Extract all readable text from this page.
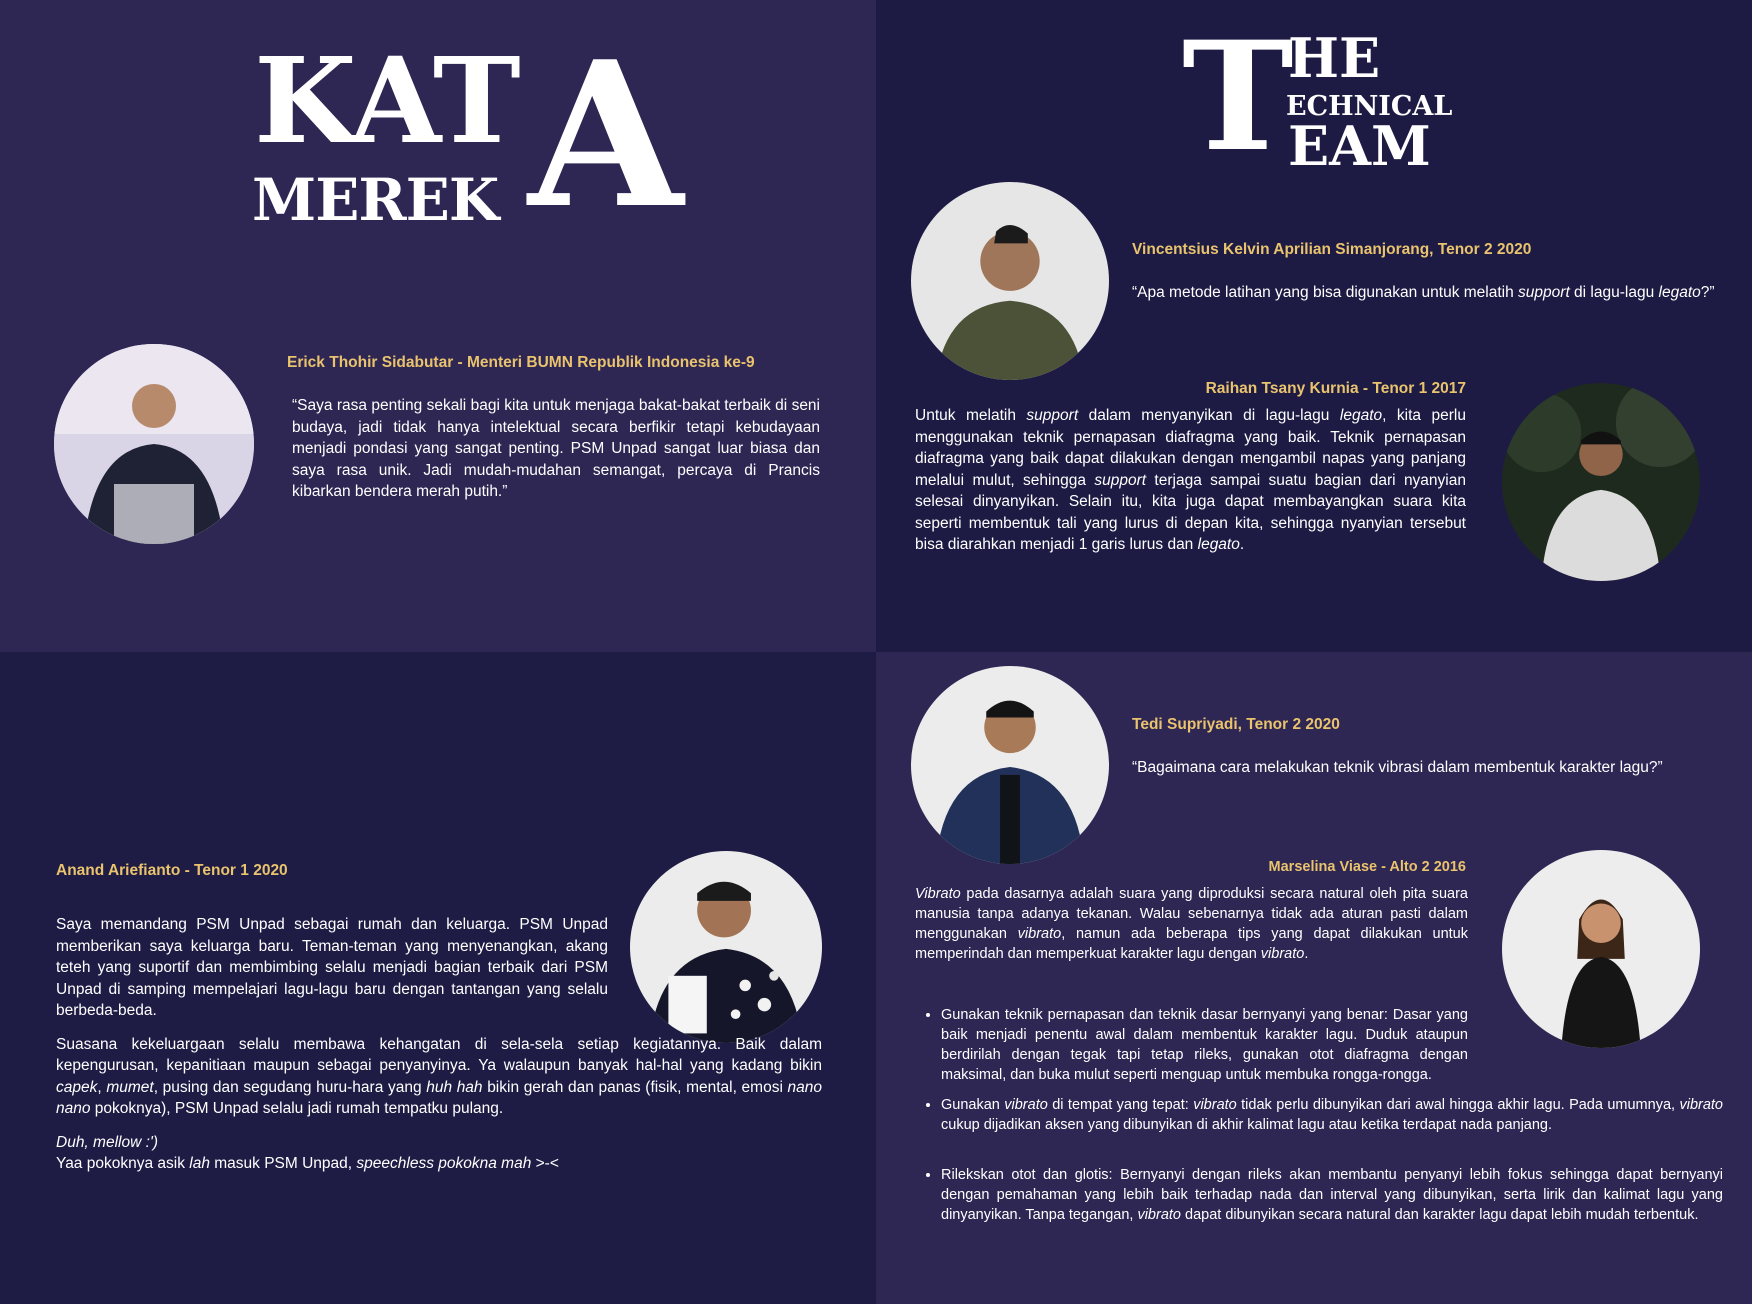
KAT
MEREK A
Erick Thohir Sidabutar - Menteri BUMN Republik Indonesia ke-9
“Saya rasa penting sekali bagi kita untuk menjaga bakat-bakat terbaik di seni budaya, jadi tidak hanya intelektual secara berfikir tetapi kebudayaan menjadi pondasi yang sangat penting. PSM Unpad sangat luar biasa dan saya rasa unik. Jadi mudah-mudahan semangat, percaya di Prancis kibarkan bendera merah putih.”
T
HE
ECHNICAL
EAM
Vincentsius Kelvin Aprilian Simanjorang, Tenor 2 2020
“Apa metode latihan yang bisa digunakan untuk melatih support di lagu-lagu legato?”
Raihan Tsany Kurnia - Tenor 1 2017
Untuk melatih support dalam menyanyikan di lagu-lagu legato, kita perlu menggunakan teknik pernapasan diafragma yang baik. Teknik pernapasan diafragma yang baik dapat dilakukan dengan mengambil napas yang panjang melalui mulut, sehingga support terjaga sampai suatu bagian dari nyanyian selesai dinyanyikan. Selain itu, kita juga dapat membayangkan suara kita seperti membentuk tali yang lurus di depan kita, sehingga nyanyian tersebut bisa diarahkan menjadi 1 garis lurus dan legato.
Anand Ariefianto - Tenor 1 2020

Saya memandang PSM Unpad sebagai rumah dan keluarga. PSM Unpad memberikan saya keluarga baru. Teman-teman yang menyenangkan, akang teteh yang suportif dan membimbing selalu menjadi bagian terbaik dari PSM Unpad di samping mempelajari lagu-lagu baru dengan tantangan yang selalu berbeda-beda.

Suasana kekeluargaan selalu membawa kehangatan di sela-sela setiap kegiatannya. Baik dalam kepengurusan, kepanitiaan maupun sebagai penyanyinya. Ya walaupun banyak hal-hal yang kadang bikin capek, mumet, pusing dan segudang huru-hara yang huh hah bikin gerah dan panas (fisik, mental, emosi nano nano pokoknya), PSM Unpad selalu jadi rumah tempatku pulang.

Duh, mellow :')
Yaa pokoknya asik lah masuk PSM Unpad, speechless pokokna mah >-<

Tedi Supriyadi, Tenor 2 2020
“Bagaimana cara melakukan teknik vibrasi dalam membentuk karakter lagu?”
Marselina Viase - Alto 2 2016
Vibrato pada dasarnya adalah suara yang diproduksi secara natural oleh pita suara manusia tanpa adanya tekanan. Walau sebenarnya tidak ada aturan pasti dalam menggunakan vibrato, namun ada beberapa tips yang dapat dilakukan untuk memperindah dan memperkuat karakter lagu dengan vibrato.
• Gunakan teknik pernapasan dan teknik dasar bernyanyi yang benar: Dasar yang baik menjadi penentu awal dalam membentuk karakter lagu. Duduk ataupun berdirilah dengan tegak tapi tetap rileks, gunakan otot diafragma dengan maksimal, dan buka mulut seperti menguap untuk membuka rongga-rongga.
• Gunakan vibrato di tempat yang tepat: vibrato tidak perlu dibunyikan dari awal hingga akhir lagu. Pada umumnya, vibrato cukup dijadikan aksen yang dibunyikan di akhir kalimat lagu atau ketika terdapat nada panjang.
• Rilekskan otot dan glotis: Bernyanyi dengan rileks akan membantu penyanyi lebih fokus sehingga dapat bernyanyi dengan pemahaman yang lebih baik terhadap nada dan interval yang dibunyikan, serta lirik dan kalimat lagu yang dinyanyikan. Tanpa tegangan, vibrato dapat dibunyikan secara natural dan karakter lagu dapat lebih mudah terbentuk.
